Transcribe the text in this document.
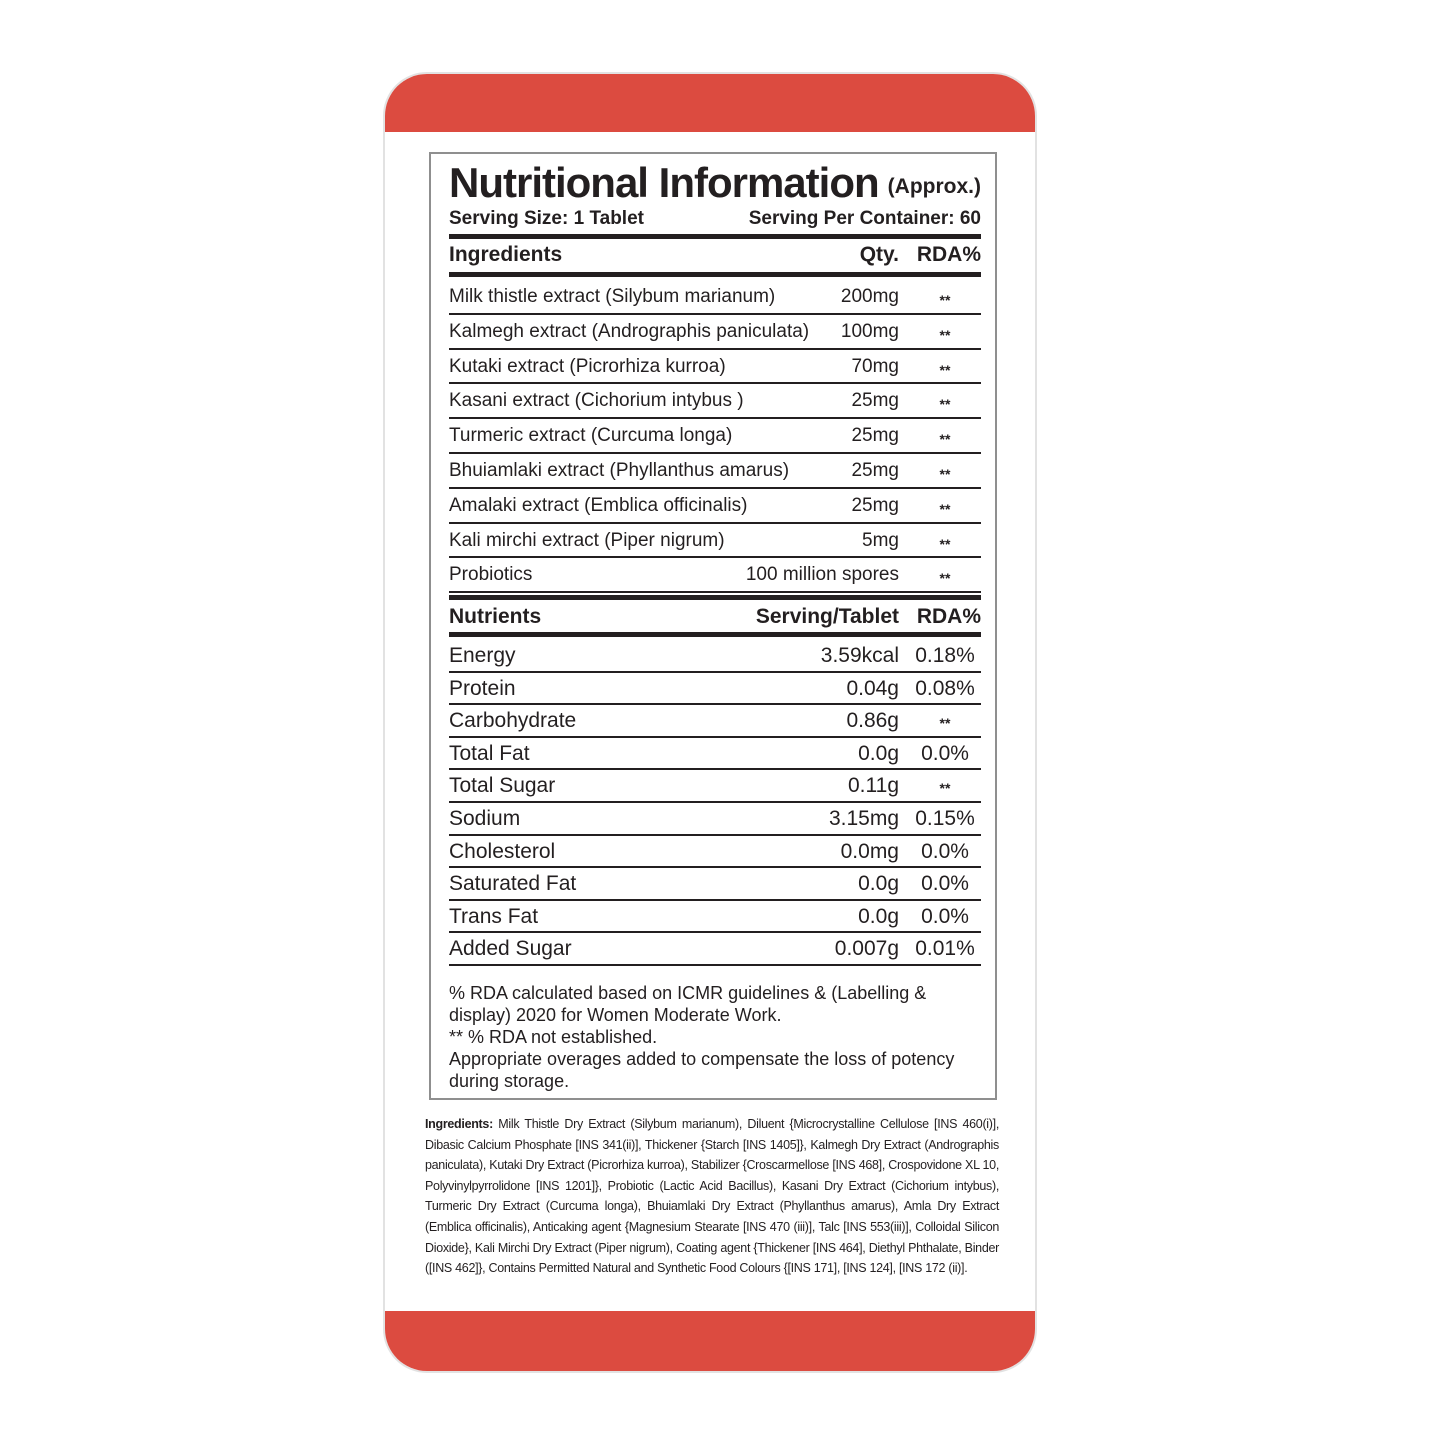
Nutritional Information (Approx.)
Serving Size: 1 Tablet	Serving Per Container: 60
Ingredients	Qty. RDA%
Milk thistle extract (Silybum marianum)	200mg	**
Kalmegh extract (Andrographis paniculata) 100mg	**
Kutaki extract (Picrorhiza kurroa)	70mg	**
Kasani extract (Cichorium intybus )	25mg	**
Turmeric extract (Curcuma longa)	25mg	**
Bhuiamlaki extract (Phyllanthus amarus)	25mg	**
Amalaki extract (Emblica officinalis)	25mg	**
Kali mirchi extract (Piper nigrum)	5mg	**
Probiotics	100 million spores	**
Nutrients	Serving/Tablet RDA%
Energy	3.59kcal 0.18%
Protein	0.04g 0.08%
Carbohydrate	0.86g	**
Total Fat	0.0g	0.0%
Total Sugar	0.11g	**
Sodium	3.15mg 0.15%
Cholesterol	0.0mg	0.0%
Saturated Fat	0.0g	0.0%
Trans Fat	0.0g	0.0%
Added Sugar	0.007g 0.01%

% RDA calculated based on ICMR guidelines & (Labelling & display) 2020 for Women Moderate Work.

** % RDA not established.

Appropriate overages added to compensate the loss of potency during storage.

Ingredients: Milk Thistle Dry Extract (Silybum marianum), Diluent {Microcrystalline Cellulose [INS 460(i)], Dibasic Calcium Phosphate [INS 341(ii)], Thickener {Starch [INS 1405]}, Kalmegh Dry Extract (Andrographis paniculata), Kutaki Dry Extract (Picrorhiza kurroa), Stabilizer {Croscarmellose [INS 468], Crospovidone XL 10, Polyvinylpyrrolidone [INS 1201]}, Probiotic (Lactic Acid Bacillus), Kasani Dry Extract (Cichorium intybus), Turmeric Dry Extract (Curcuma longa), Bhuiamlaki Dry Extract (Phyllanthus amarus), Amla Dry Extract (Emblica officinalis), Anticaking agent {Magnesium Stearate [INS 470 (iii)], Talc [INS 553(iii)], Colloidal Silicon Dioxide}, Kali Mirchi Dry Extract (Piper nigrum), Coating agent {Thickener [INS 464], Diethyl Phthalate, Binder ([INS 462]}, Contains Permitted Natural and Synthetic Food Colours {[INS 171], [INS 124], [INS 172 (ii)].
